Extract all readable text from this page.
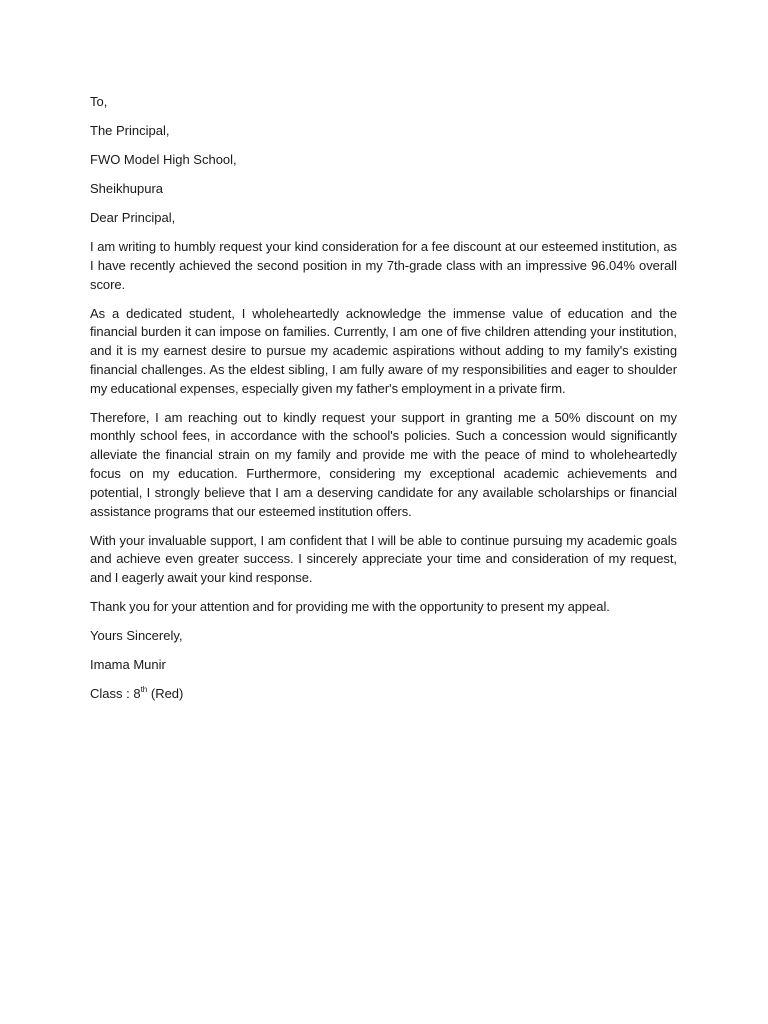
To,
The Principal,
FWO Model High School,
Sheikhupura
Dear Principal,

I am writing to humbly request your kind consideration for a fee discount at our esteemed institution, as I have recently achieved the second position in my 7th-grade class with an impressive 96.04% overall score.

As a dedicated student, I wholeheartedly acknowledge the immense value of education and the financial burden it can impose on families. Currently, I am one of five children attending your institution, and it is my earnest desire to pursue my academic aspirations without adding to my family's existing financial challenges. As the eldest sibling, I am fully aware of my responsibilities and eager to shoulder my educational expenses, especially given my father's employment in a private firm.

Therefore, I am reaching out to kindly request your support in granting me a 50% discount on my monthly school fees, in accordance with the school's policies. Such a concession would significantly alleviate the financial strain on my family and provide me with the peace of mind to wholeheartedly focus on my education. Furthermore, considering my exceptional academic achievements and potential, I strongly believe that I am a deserving candidate for any available scholarships or financial assistance programs that our esteemed institution offers.

With your invaluable support, I am confident that I will be able to continue pursuing my academic goals and achieve even greater success. I sincerely appreciate your time and consideration of my request, and I eagerly await your kind response.

Thank you for your attention and for providing me with the opportunity to present my appeal.

Yours Sincerely,
Imama Munir
Class : 8th (Red)
